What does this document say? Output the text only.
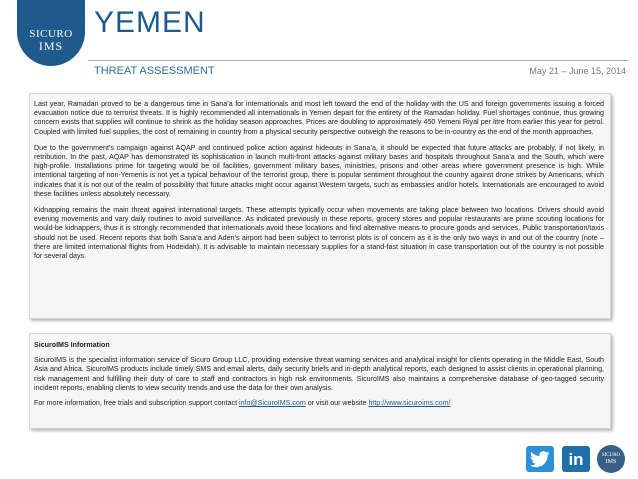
SICURO
IMS
YEMEN
THREAT ASSESSMENT	May 21 – June 15, 2014

Last year, Ramadan proved to be a dangerous time in Sana’a for internationals and most left toward the end of the holiday with the US and foreign governments issuing a forced evacuation notice due to terrorist threats. It is highly recommended all internationals in Yemen depart for the entirety of the Ramadan holiday. Fuel shortages continue, thus growing concern exists that supplies will continue to shrink as the holiday season approaches. Prices are doubling to approximately 450 Yemeni Riyal per litre from earlier this year for petrol. Coupled with limited fuel supplies, the cost of remaining in country from a physical security perspective outweigh the reasons to be in-country as the end of the month approaches.

Due to the government’s campaign against AQAP and continued police action against hideouts in Sana’a, it should be expected that future attacks are probably, if not likely, in retribution. In the past, AQAP has demonstrated its sophistication in launch multi-front attacks against military bases and hospitals throughout Sana’a and the South, which were high-profile. Installations prime for targeting would be oil facilities, government military bases, ministries, prisons and other areas where government presence is high. While intentional targeting of non-Yemenis is not yet a typical behaviour of the terrorist group, there is popular sentiment throughout the country against drone strikes by Americans, which indicates that it is not out of the realm of possibility that future attacks might occur against Western targets, such as embassies and/or hotels. Internationals are encouraged to avoid these facilities unless absolutely necessary.

Kidnapping remains the main threat against international targets. These attempts typically occur when movements are taking place between two locations. Drivers should avoid evening movements and vary daily routines to avoid surveillance. As indicated previously in these reports, grocery stores and popular restaurants are prime scouting locations for would-be kidnappers, thus it is strongly recommended that internationals avoid these locations and find alternative means to procure goods and services. Public transportation/taxis should not be used. Recent reports that both Sana’a and Aden’s airport had been subject to terrorist plots is of concern as it is the only two ways in and out of the country (note – there are limited international flights from Hodeidah). It is advisable to maintain necessary supplies for a stand-fast situation in case transportation out of the country is not possible for several days.

SicuroIMS Information

SicuroIMS is the specialist information service of Sicuro Group LLC, providing extensive threat warning services and analytical insight for clients operating in the Middle East, South Asia and Africa. SicuroIMS products include timely SMS and email alerts, daily security briefs and in-depth analytical reports, each designed to assist clients in operational planning, risk management and fulfilling their duty of care to staff and contractors in high risk environments. SicuroIMS also maintains a comprehensive database of geo-tagged security incident reports, enabling clients to view security trends and use the data for their own analysis.

For more information, free trials and subscription support contact info@SicuroIMS.com or visit our website http://www.sicuroims.com/

in	SICURO
IMS
